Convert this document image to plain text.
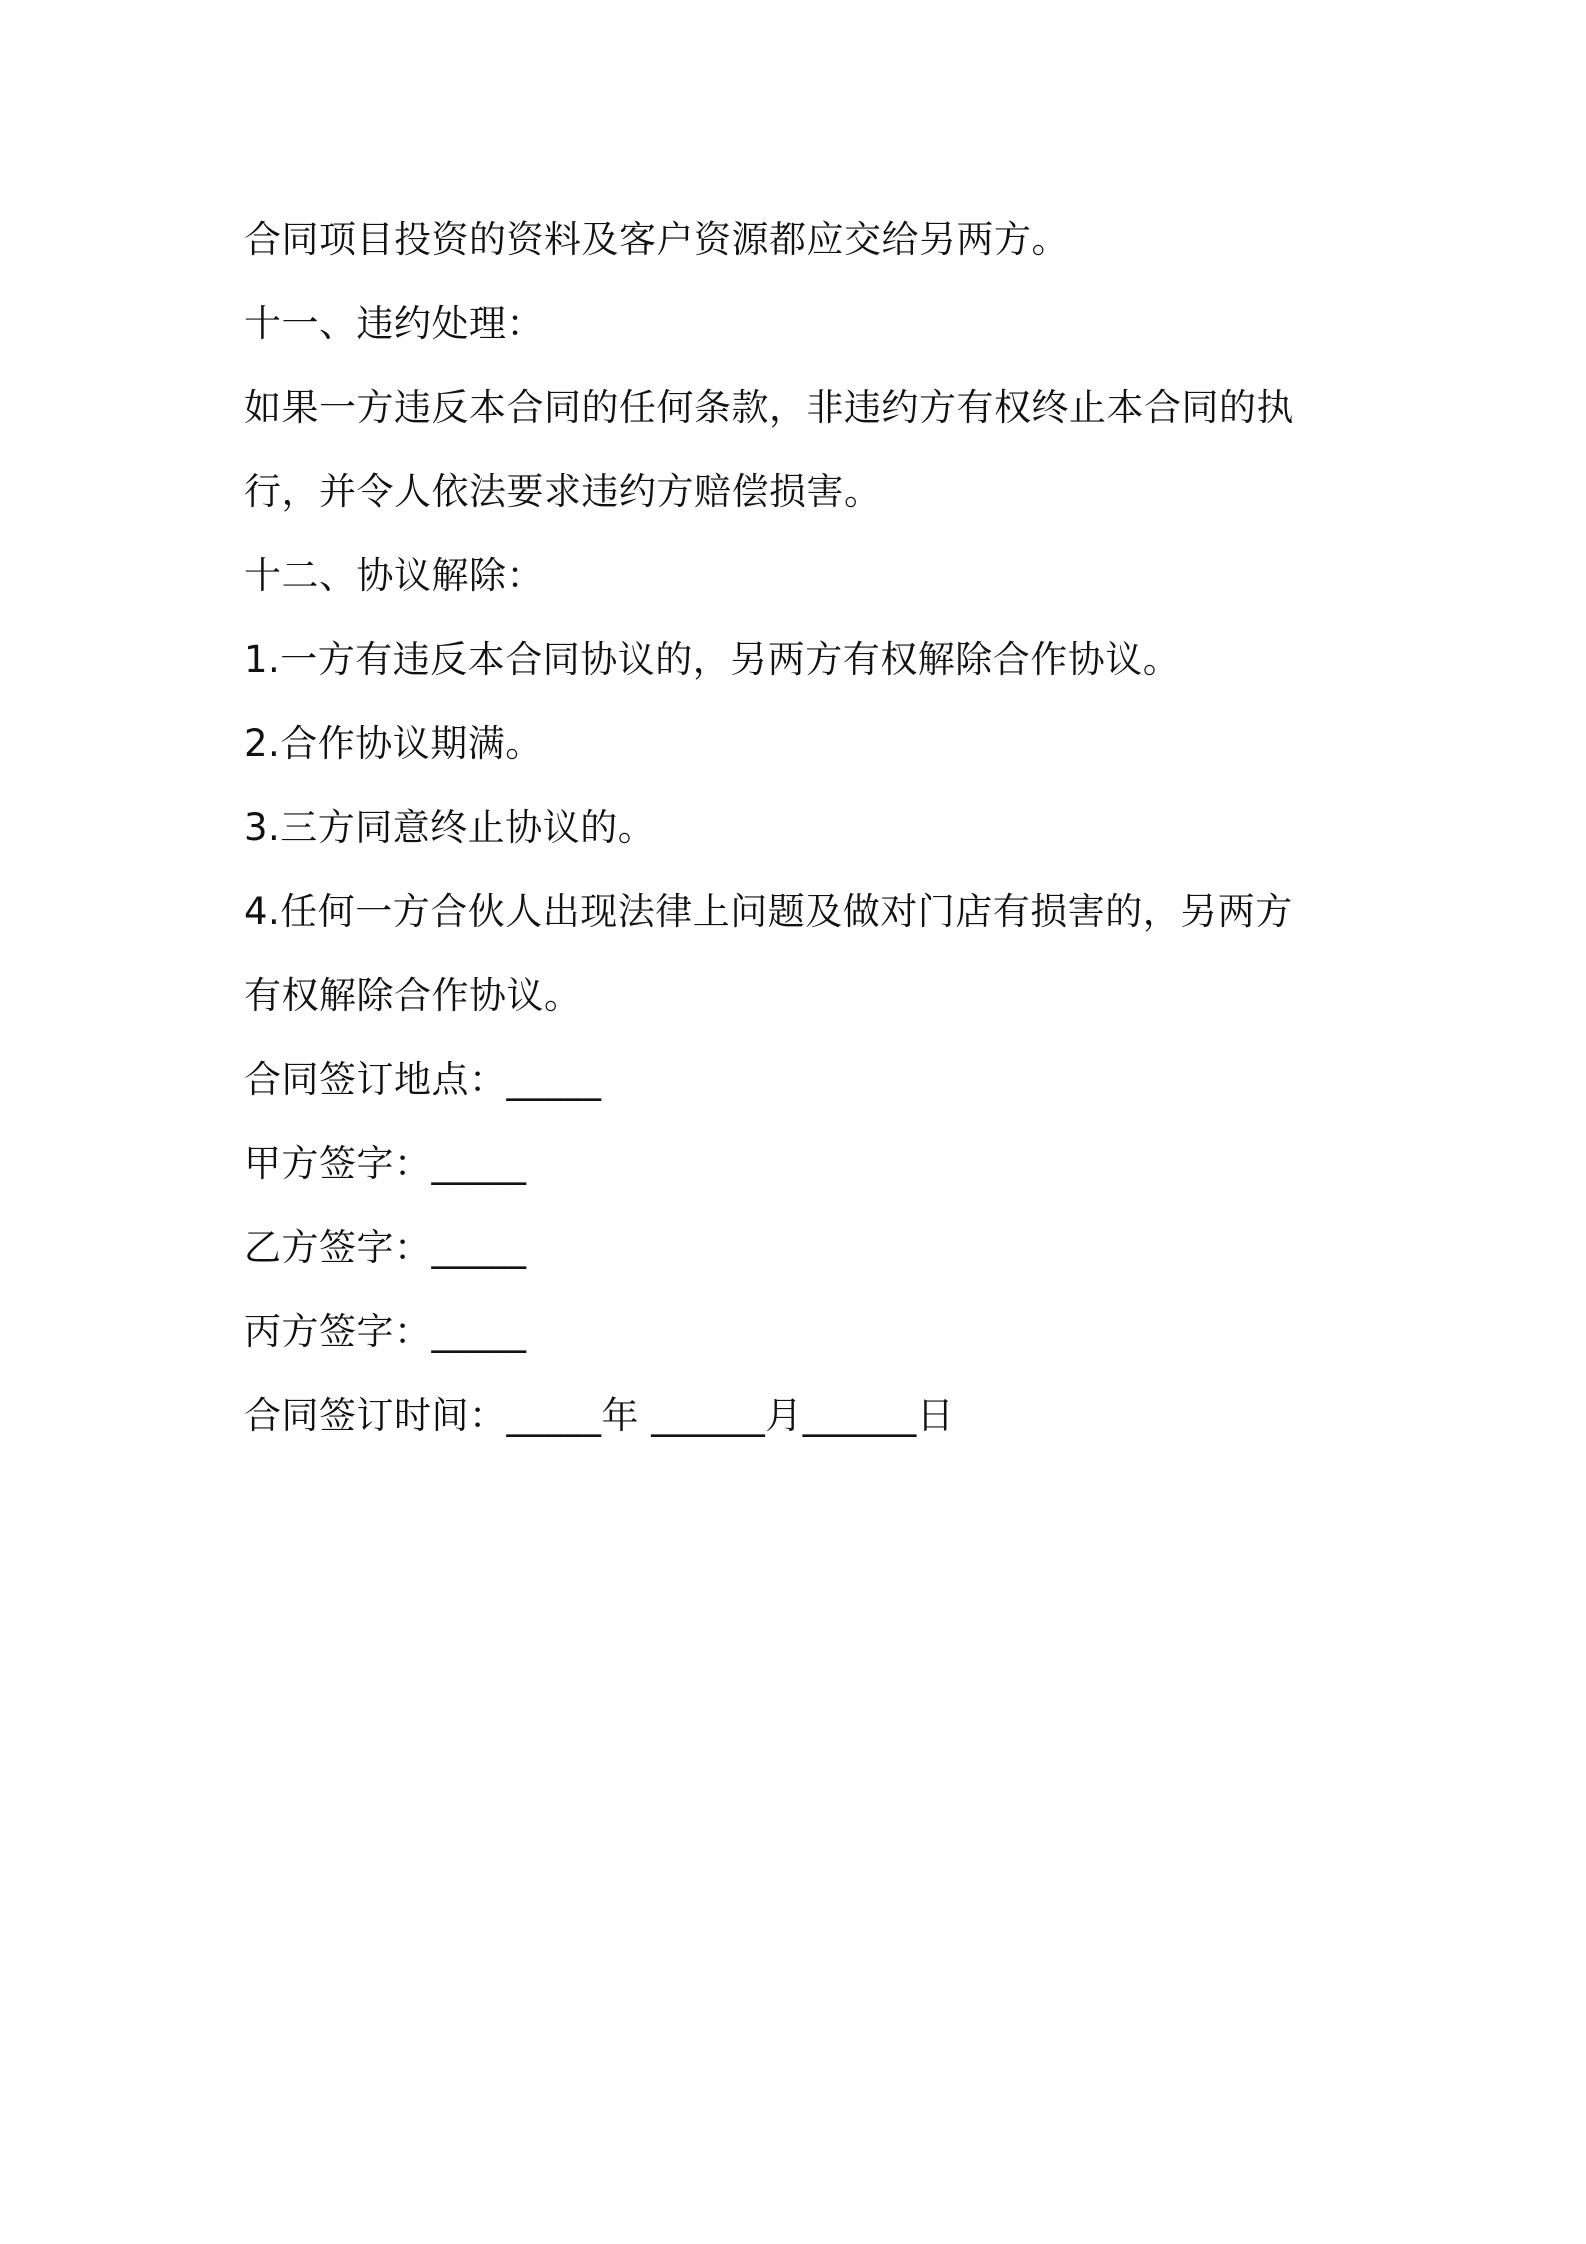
合同项目投资的资料及客户资源都应交给另两方。
十一、违约处理：
如果一方违反本合同的任何条款，非违约方有权终止本合同的执
行，并令人依法要求违约方赔偿损害。
十二、协议解除：
1.一方有违反本合同协议的，另两方有权解除合作协议。
2.合作协议期满。
3.三方同意终止协议的。
4.任何一方合伙人出现法律上问题及做对门店有损害的，另两方
有权解除合作协议。
合同签订地点：_____
甲方签字：_____
乙方签字：_____
丙方签字：_____
合同签订时间：_____年 ______月______日
